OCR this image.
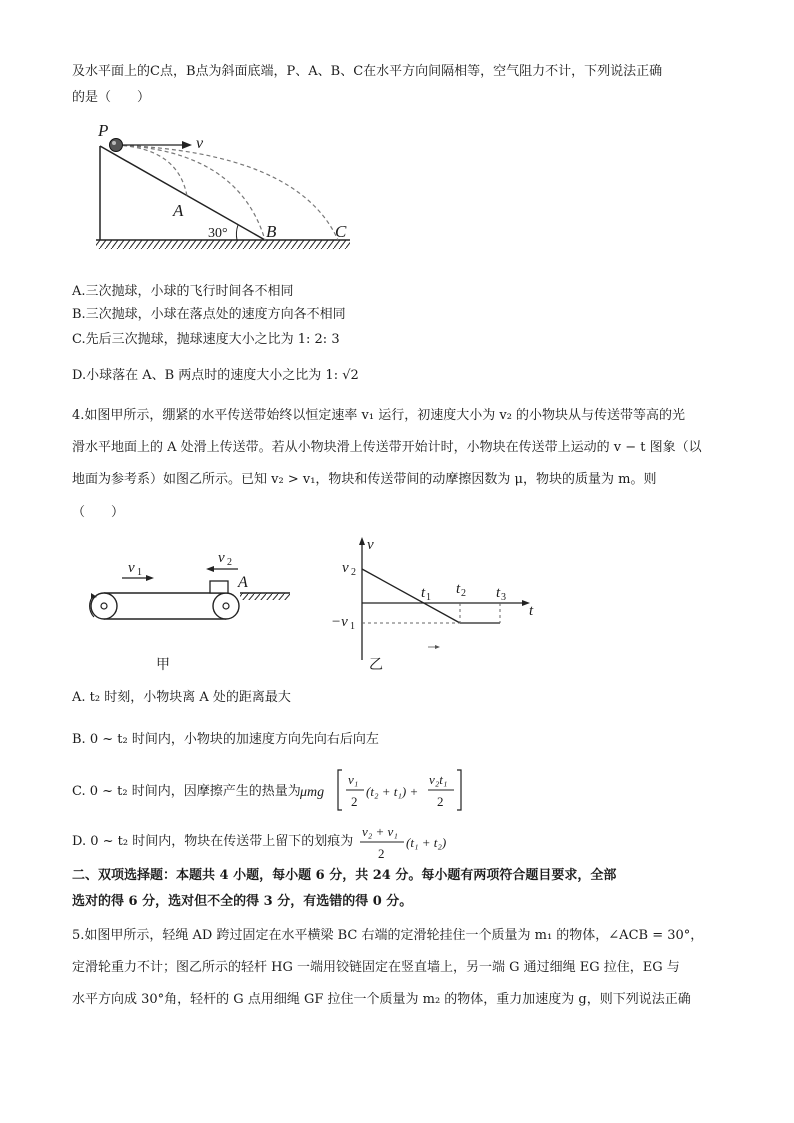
及水平面上的C点，B点为斜面底端，P、A、B、C在水平方向间隔相等，空气阻力不计，下列说法正确
的是（　　）
P
v
A
30° B	C
A.三次抛球，小球的飞行时间各不相同
B.三次抛球，小球在落点处的速度方向各不相同
C.先后三次抛球，抛球速度大小之比为 1: 2: 3
D.小球落在 A、B 两点时的速度大小之比为 1: √2
4.如图甲所示，绷紧的水平传送带始终以恒定速率 v₁ 运行，初速度大小为 v₂ 的小物块从与传送带等高的光
滑水平地面上的 A 处滑上传送带。若从小物块滑上传送带开始计时，小物块在传送带上运动的 v − t 图象（以
地面为参考系）如图乙所示。已知 v₂ > v₁，物块和传送带间的动摩擦因数为 μ，物块的质量为 m。则
（　　）
v 1
v 2
A
甲
v
t
v 2
−v 1
t 1
t 2 t 3
乙
A. t₂ 时刻，小物块离 A 处的距离最大
B. 0 ~ t₂ 时间内，小物块的加速度方向先向右后向左
C. 0 ~ t₂ 时间内，因摩擦产生的热量为 μmg
v₁
2
(t₂ + t₁) +
v₂t₁
2
D. 0 ~ t₂ 时间内，物块在传送带上留下的划痕为
v₂ + v₁
2
(t₁ + t₂)
二、双项选择题：本题共 4 小题，每小题 6 分，共 24 分。每小题有两项符合题目要求，全部
选对的得 6 分，选对但不全的得 3 分，有选错的得 0 分。
5.如图甲所示，轻绳 AD 跨过固定在水平横梁 BC 右端的定滑轮挂住一个质量为 m₁ 的物体，∠ACB = 30°，
定滑轮重力不计；图乙所示的轻杆 HG 一端用铰链固定在竖直墙上，另一端 G 通过细绳 EG 拉住，EG 与
水平方向成 30°角，轻杆的 G 点用细绳 GF 拉住一个质量为 m₂ 的物体，重力加速度为 g，则下列说法正确
